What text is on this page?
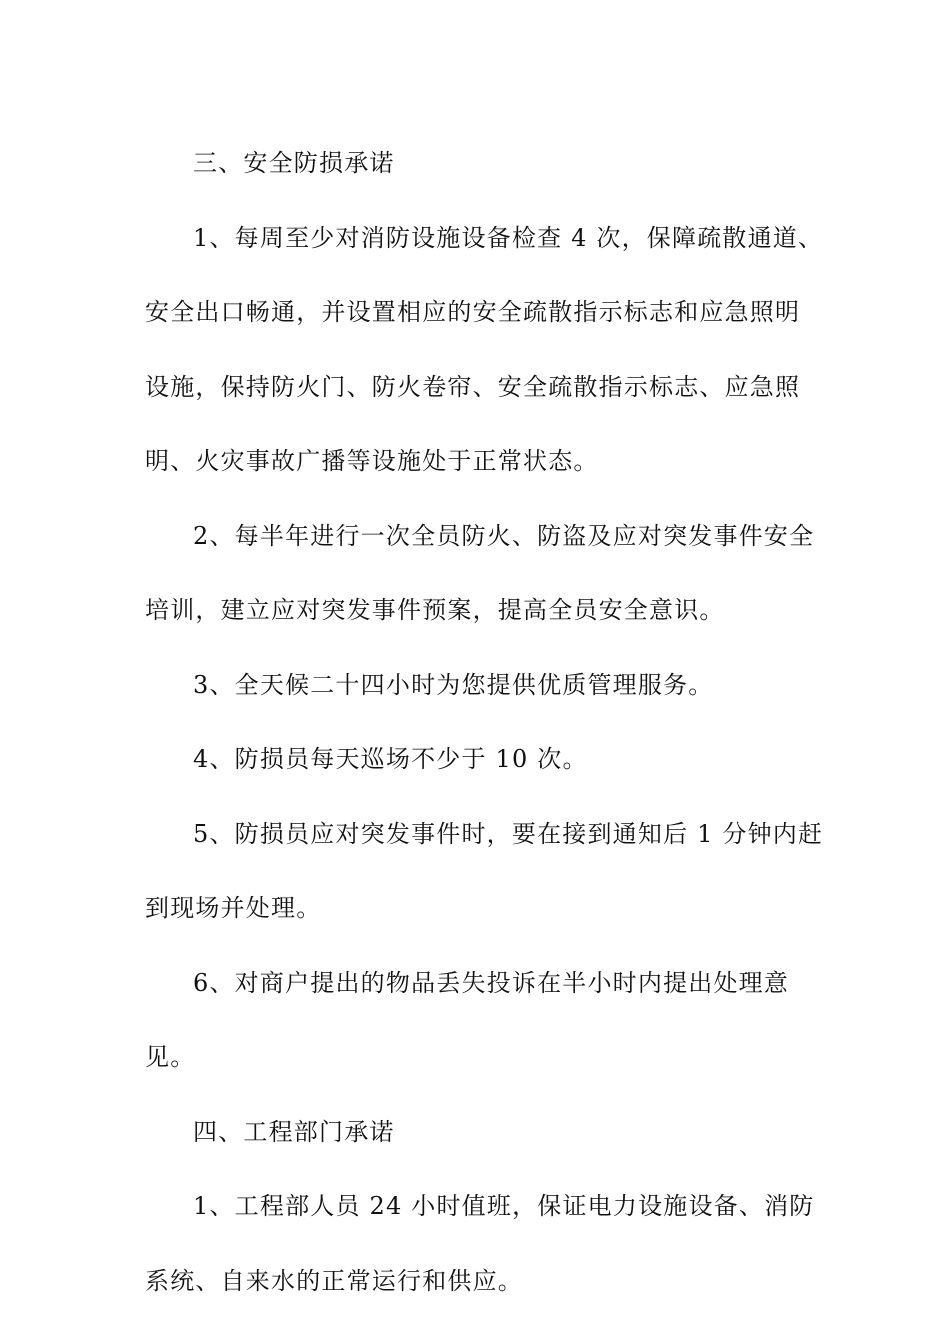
三、安全防损承诺

1、每周至少对消防设施设备检查 4 次，保障疏散通道、安全出口畅通，并设置相应的安全疏散指示标志和应急照明设施，保持防火门、防火卷帘、安全疏散指示标志、应急照明、火灾事故广播等设施处于正常状态。

2、每半年进行一次全员防火、防盗及应对突发事件安全培训，建立应对突发事件预案，提高全员安全意识。

3、全天候二十四小时为您提供优质管理服务。

4、防损员每天巡场不少于 10 次。

5、防损员应对突发事件时，要在接到通知后 1 分钟内赶到现场并处理。

6、对商户提出的物品丢失投诉在半小时内提出处理意见。

四、工程部门承诺

1、工程部人员 24 小时值班，保证电力设施设备、消防系统、自来水的正常运行和供应。
